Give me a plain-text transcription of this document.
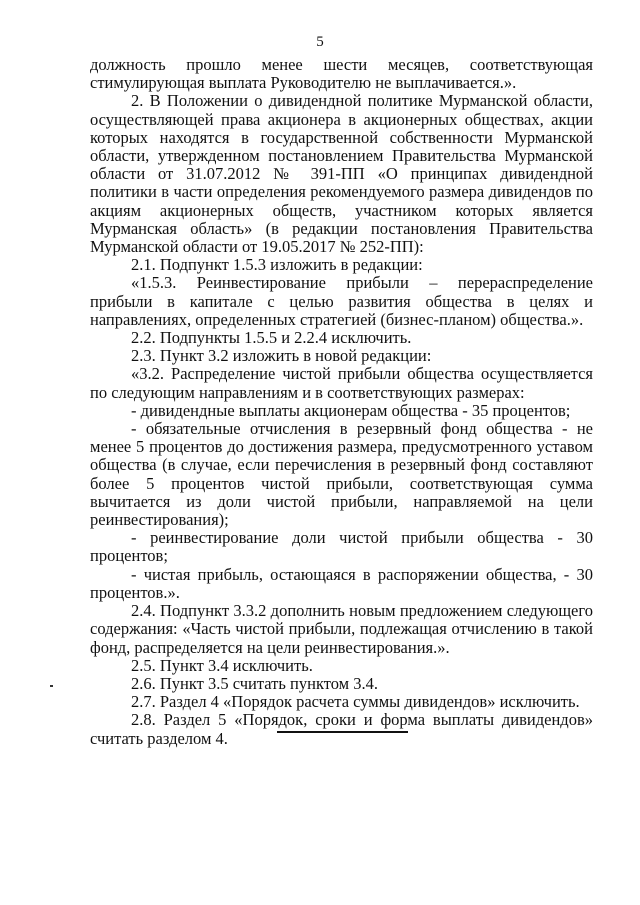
5

должность прошло менее шести месяцев, соответствующая стимулирующая выплата Руководителю не выплачивается.».

2. В Положении о дивидендной политике Мурманской области, осуществляющей права акционера в акционерных обществах, акции которых находятся в государственной собственности Мурманской области, утвержденном постановлением Правительства Мурманской области от 31.07.2012 № 391-ПП «О принципах дивидендной политики в части определения рекомендуемого размера дивидендов по акциям акционерных обществ, участником которых является Мурманская область» (в редакции постановления Правительства Мурманской области от 19.05.2017 № 252-ПП):

2.1. Подпункт 1.5.3 изложить в редакции:

«1.5.3. Реинвестирование прибыли – перераспределение прибыли в капитале с целью развития общества в целях и направлениях, определенных стратегией (бизнес-планом) общества.».

2.2. Подпункты 1.5.5 и 2.2.4 исключить.

2.3. Пункт 3.2 изложить в новой редакции:

«3.2. Распределение чистой прибыли общества осуществляется по следующим направлениям и в соответствующих размерах:

- дивидендные выплаты акционерам общества - 35 процентов;

- обязательные отчисления в резервный фонд общества - не менее 5 процентов до достижения размера, предусмотренного уставом общества (в случае, если перечисления в резервный фонд составляют более 5 процентов чистой прибыли, соответствующая сумма вычитается из доли чистой прибыли, направляемой на цели реинвестирования);

- реинвестирование доли чистой прибыли общества - 30 процентов;

- чистая прибыль, остающаяся в распоряжении общества, - 30 процентов.».

2.4. Подпункт 3.3.2 дополнить новым предложением следующего содержания: «Часть чистой прибыли, подлежащая отчислению в такой фонд, распределяется на цели реинвестирования.».

2.5. Пункт 3.4 исключить.

2.6. Пункт 3.5 считать пунктом 3.4.

2.7. Раздел 4 «Порядок расчета суммы дивидендов» исключить.

2.8. Раздел 5 «Порядок, сроки и форма выплаты дивидендов» считать разделом 4.
